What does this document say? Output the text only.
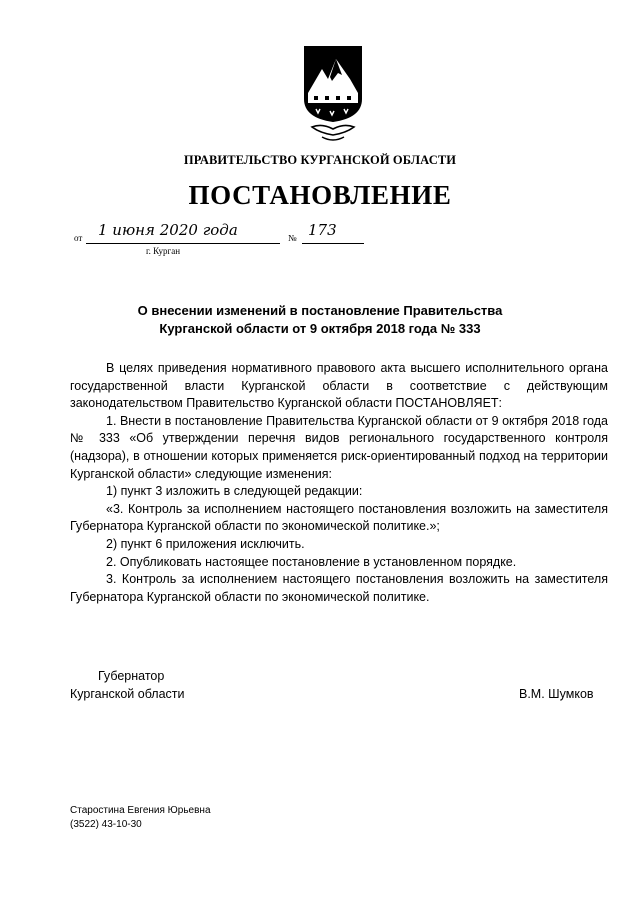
ПРАВИТЕЛЬСТВО КУРГАНСКОЙ ОБЛАСТИ
ПОСТАНОВЛЕНИЕ
от 1 июня 2020 года	№ 173
г. Курган
О внесении изменений в постановление Правительства
Курганской области от 9 октября 2018 года № 333

В целях приведения нормативного правового акта высшего исполнительного органа государственной власти Курганской области в соответствие с действующим законодательством Правительство Курганской области ПОСТАНОВЛЯЕТ:

1. Внести в постановление Правительства Курганской области от 9 октября 2018 года № 333 «Об утверждении перечня видов регионального государственного контроля (надзора), в отношении которых применяется риск-ориентированный подход на территории Курганской области» следующие изменения:

1) пункт 3 изложить в следующей редакции:

«3. Контроль за исполнением настоящего постановления возложить на заместителя Губернатора Курганской области по экономической политике.»;

2) пункт 6 приложения исключить.

2. Опубликовать настоящее постановление в установленном порядке.

3. Контроль за исполнением настоящего постановления возложить на заместителя Губернатора Курганской области по экономической политике.

Губернатор
Курганской области	В.М. Шумков
Старостина Евгения Юрьевна
(3522) 43-10-30
